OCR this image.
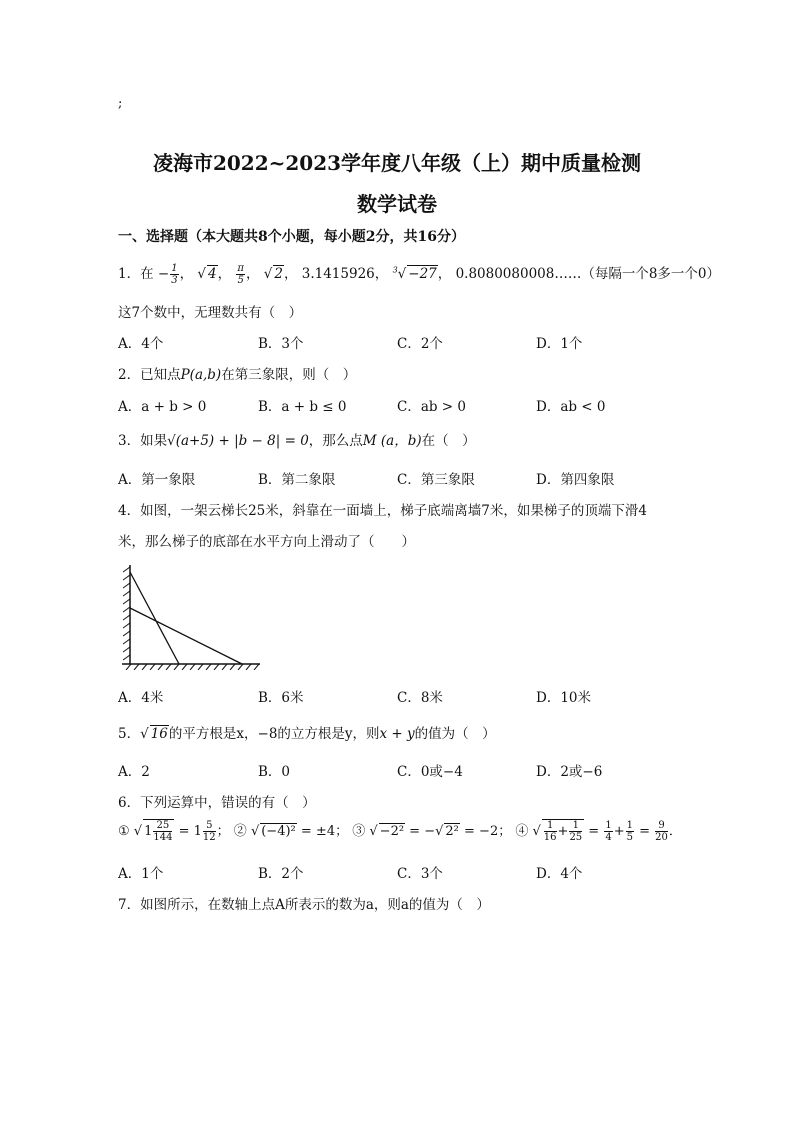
;
凌海市2022~2023学年度八年级（上）期中质量检测
数学试卷
一、选择题（本大题共8个小题，每小题2分，共16分）
1．在 − $\frac{1}{3}$ ， √ 4， $\frac{\pi}{5}$ ， √ 2， 3.1415926， $^3$√ −27， 0.8080080008……（每隔一个8多一个0）
这7个数中，无理数共有（　）
A．4个	B．3个	C．2个	D．1个
2．已知点P(a,b)在第三象限，则（　）
A．a + b > 0	B．a + b ≤ 0	C．ab > 0	D．ab < 0
3．如果√(a+5) + |b − 8| = 0，那么点M (a，b)在（　）
A．第一象限	B．第二象限	C．第三象限	D．第四象限
4．如图，一架云梯长25米，斜靠在一面墙上，梯子底端离墙7米，如果梯子的顶端下滑4
米，那么梯子的底部在水平方向上滑动了（　　）
A．4米	B．6米	C．8米	D．10米
5．√ 16的平方根是x，−8的立方根是y，则x + y的值为（　）
A．2	B．0	C．0或−4	D．2或−6
6．下列运算中，错误的有（　）
① √ $1 \frac{25}{144} = 1 \frac{5}{12}$ ； ② √ (−4)² = ±4； ③ √ −2² = −√ 2² = −2； ④ √ $\frac{1}{16} + \frac{1}{25} = \frac{1}{4} + \frac{1}{5} = \frac{9}{20}$ ．
A．1个	B．2个	C．3个	D．4个
7．如图所示，在数轴上点A所表示的数为a，则a的值为（　）
